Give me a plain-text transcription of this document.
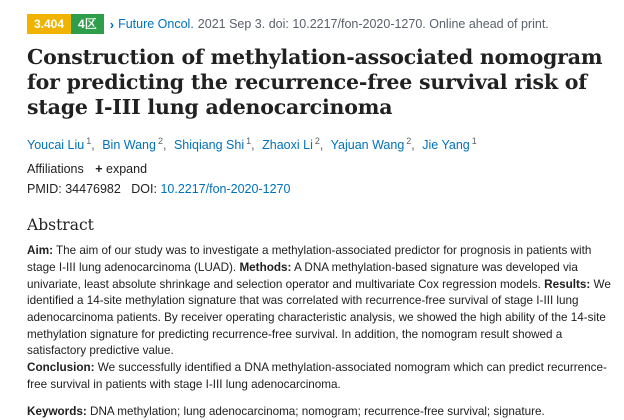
3.404	4区	› Future Oncol. 2021 Sep 3. doi: 10.2217/fon-2020-1270. Online ahead of print.
Construction of methylation-associated nomogram for predicting the recurrence-free survival risk of stage I-III lung adenocarcinoma
Youcai Liu $^1$, Bin Wang $^2$, Shiqiang Shi $^1$, Zhaoxi Li $^2$, Yajuan Wang $^2$, Jie Yang $^1$
Affiliations + expand
PMID: 34476982 DOI: 10.2217/fon-2020-1270
Abstract
Aim: The aim of our study was to investigate a methylation-associated predictor for prognosis in patients with stage I-III lung adenocarcinoma (LUAD). Methods: A DNA methylation-based signature was developed via univariate, least absolute shrinkage and selection operator and multivariate Cox regression models. Results: We identified a 14-site methylation signature that was correlated with recurrence-free survival of stage I-III lung adenocarcinoma patients. By receiver operating characteristic analysis, we showed the high ability of the 14-site methylation signature for predicting recurrence-free survival. In addition, the nomogram result showed a satisfactory predictive value.
Conclusion: We successfully identified a DNA methylation-associated nomogram which can predict recurrence-free survival in patients with stage I-III lung adenocarcinoma.
Keywords: DNA methylation; lung adenocarcinoma; nomogram; recurrence-free survival; signature.
